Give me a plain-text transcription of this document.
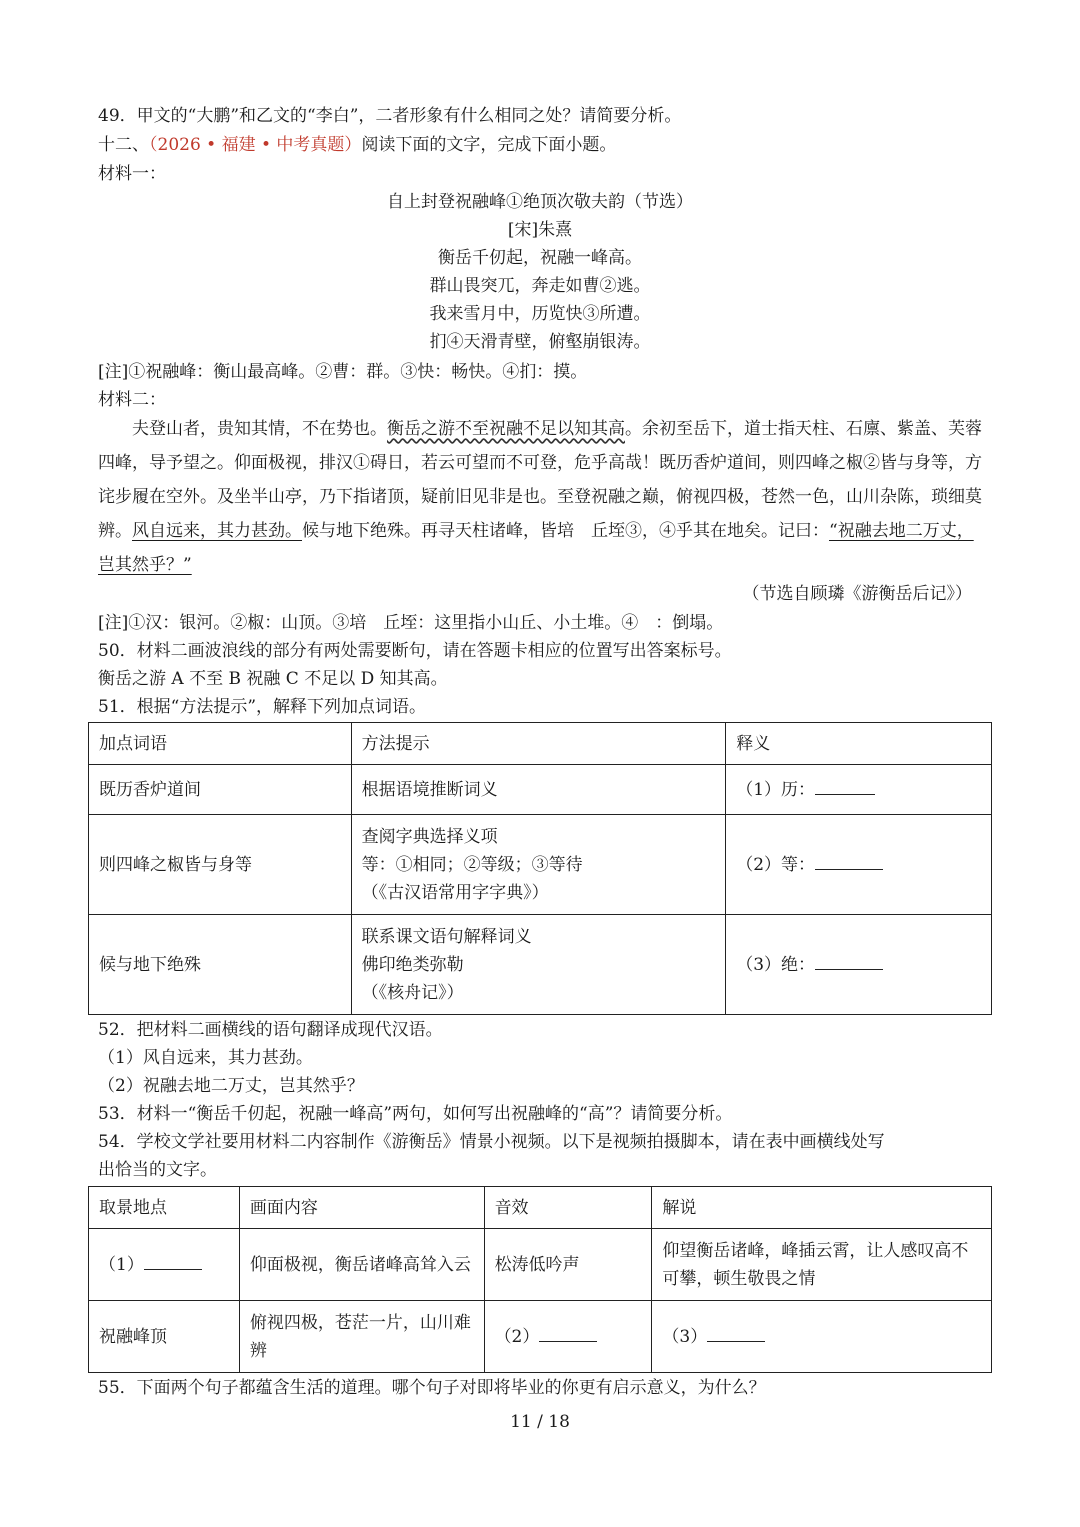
49．甲文的“大鹏”和乙文的“李白”，二者形象有什么相同之处？请简要分析。
十二、（2026 • 福建 • 中考真题）阅读下面的文字，完成下面小题。
材料一：
自上封登祝融峰①绝顶次敬夫韵（节选）
[宋]朱熹
衡岳千仞起，祝融一峰高。
群山畏突兀，奔走如曹②逃。
我来雪月中，历览快③所遭。
扪④天滑青壁，俯壑崩银涛。
[注]①祝融峰：衡山最高峰。②曹：群。③快：畅快。④扪：摸。
材料二：

夫登山者，贵知其情，不在势也。衡岳之游不至祝融不足以知其高。余初至岳下，道士指天柱、石廪、紫盖、芙蓉四峰，导予望之。仰面极视，排汉①碍日，若云可望而不可登，危乎高哉！既历香炉道间，则四峰之椒②皆与身等，方诧步履在空外。及坐半山亭，乃下指诸顶，疑前旧见非是也。至登祝融之巅，俯视四极，苍然一色，山川杂陈，琐细莫辨。风自远来，其力甚劲。候与地下绝殊。再寻天柱诸峰，皆培　丘垤③，④乎其在地矣。记曰：“祝融去地二万丈，岂其然乎？”

（节选自顾璘《游衡岳后记》）
[注]①汉：银河。②椒：山顶。③培　丘垤：这里指小山丘、小土堆。④　：倒塌。
50．材料二画波浪线的部分有两处需要断句，请在答题卡相应的位置写出答案标号。
衡岳之游 A 不至 B 祝融 C 不足以 D 知其高。
51．根据“方法提示”，解释下列加点词语。
加点词语	方法提示	释义
既历香炉道间	根据语境推断词义	（1）历：
则四峰之椒皆与身等	查阅字典选择义项
等：①相同；②等级；③等待
（《古汉语常用字字典》）	（2）等：
候与地下绝殊	联系课文语句解释词义
佛印绝类弥勒
（《核舟记》）	（3）绝：
52．把材料二画横线的语句翻译成现代汉语。
（1）风自远来，其力甚劲。
（2）祝融去地二万丈，岂其然乎？
53．材料一“衡岳千仞起，祝融一峰高”两句，如何写出祝融峰的“高”？请简要分析。
54．学校文学社要用材料二内容制作《游衡岳》情景小视频。以下是视频拍摄脚本，请在表中画横线处写
出恰当的文字。
取景地点	画面内容	音效	解说
（1）	仰面极视，衡岳诸峰高耸入云	松涛低吟声	仰望衡岳诸峰，峰插云霄，让人感叹高不可攀，顿生敬畏之情
祝融峰顶	俯视四极，苍茫一片，山川难辨	（2）	（3）
55．下面两个句子都蕴含生活的道理。哪个句子对即将毕业的你更有启示意义，为什么？
11 / 18
